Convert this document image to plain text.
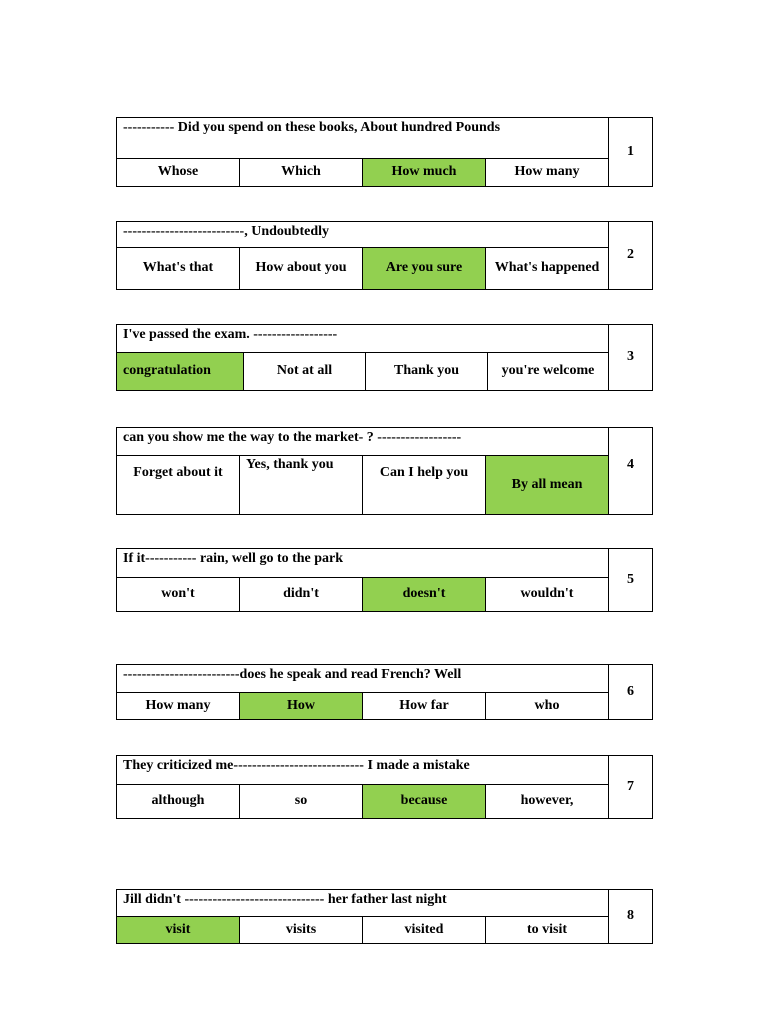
----------- Did you spend on these books, About hundred Pounds				1
Whose	Which	How much	How many	
--------------------------, Undoubtedly				2
What's that	How about you	Are you sure	What's happened	
I've passed the exam. ------------------				3
congratulation	Not at all	Thank you	you're welcome	
can you show me the way to the market- ? ------------------				4
Forget about it	Yes, thank you	Can I help you	By all mean	
If it----------- rain, well go to the park				5
won't	didn't	doesn't	wouldn't	
-------------------------does he speak and read French? Well				6
How many	How	How far	who	
They criticized me---------------------------- I made a mistake				7
although	so	because	however,	
Jill didn't ------------------------------ her father last night				8
visit	visits	visited	to visit	
